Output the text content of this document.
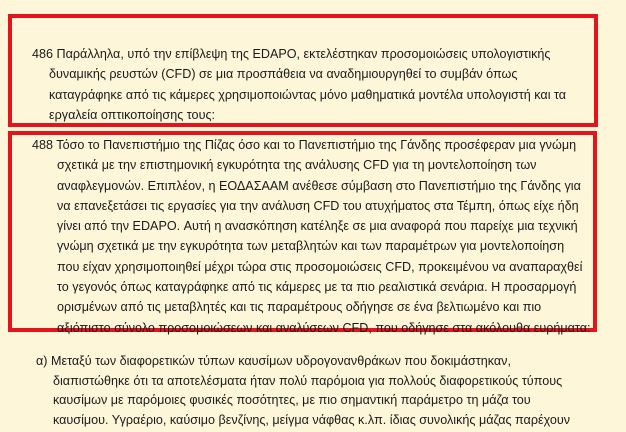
486 Παράλληλα, υπό την επίβλεψη της EDAPO, εκτελέστηκαν προσομοιώσεις υπολογιστικής
δυναμικής ρευστών (CFD) σε μια προσπάθεια να αναδημιουργηθεί το συμβάν όπως
καταγράφηκε από τις κάμερες χρησιμοποιώντας μόνο μαθηματικά μοντέλα υπολογιστή και τα
εργαλεία οπτικοποίησης τους:
488 Τόσο το Πανεπιστήμιο της Πίζας όσο και το Πανεπιστήμιο της Γάνδης προσέφεραν μια γνώμη
σχετικά με την επιστημονική εγκυρότητα της ανάλυσης CFD για τη μοντελοποίηση των
αναφλεγμονών. Επιπλέον, η ΕΟΔΑΣΑΑΜ ανέθεσε σύμβαση στο Πανεπιστήμιο της Γάνδης για
να επανεξετάσει τις εργασίες για την ανάλυση CFD του ατυχήματος στα Τέμπη, όπως είχε ήδη
γίνει από την EDAPO. Αυτή η ανασκόπηση κατέληξε σε μια αναφορά που παρείχε μια τεχνική
γνώμη σχετικά με την εγκυρότητα των μεταβλητών και των παραμέτρων για μοντελοποίηση
που είχαν χρησιμοποιηθεί μέχρι τώρα στις προσομοιώσεις CFD, προκειμένου να αναπαραχθεί
το γεγονός όπως καταγράφηκε από τις κάμερες με τα πιο ρεαλιστικά σενάρια. Η προσαρμογή
ορισμένων από τις μεταβλητές και τις παραμέτρους οδήγησε σε ένα βελτιωμένο και πιο
αξιόπιστο σύνολο προσομοιώσεων και αναλύσεων CFD, που οδήγησε στα ακόλουθα ευρήματα:
α) Μεταξύ των διαφορετικών τύπων καυσίμων υδρογονανθράκων που δοκιμάστηκαν,
διαπιστώθηκε ότι τα αποτελέσματα ήταν πολύ παρόμοια για πολλούς διαφορετικούς τύπους
καυσίμων με παρόμοιες φυσικές ποσότητες, με πιο σημαντική παράμετρο τη μάζα του
καυσίμου. Υγραέριο, καύσιμο βενζίνης, μείγμα νάφθας κ.λπ. ίδιας συνολικής μάζας παρέχουν
